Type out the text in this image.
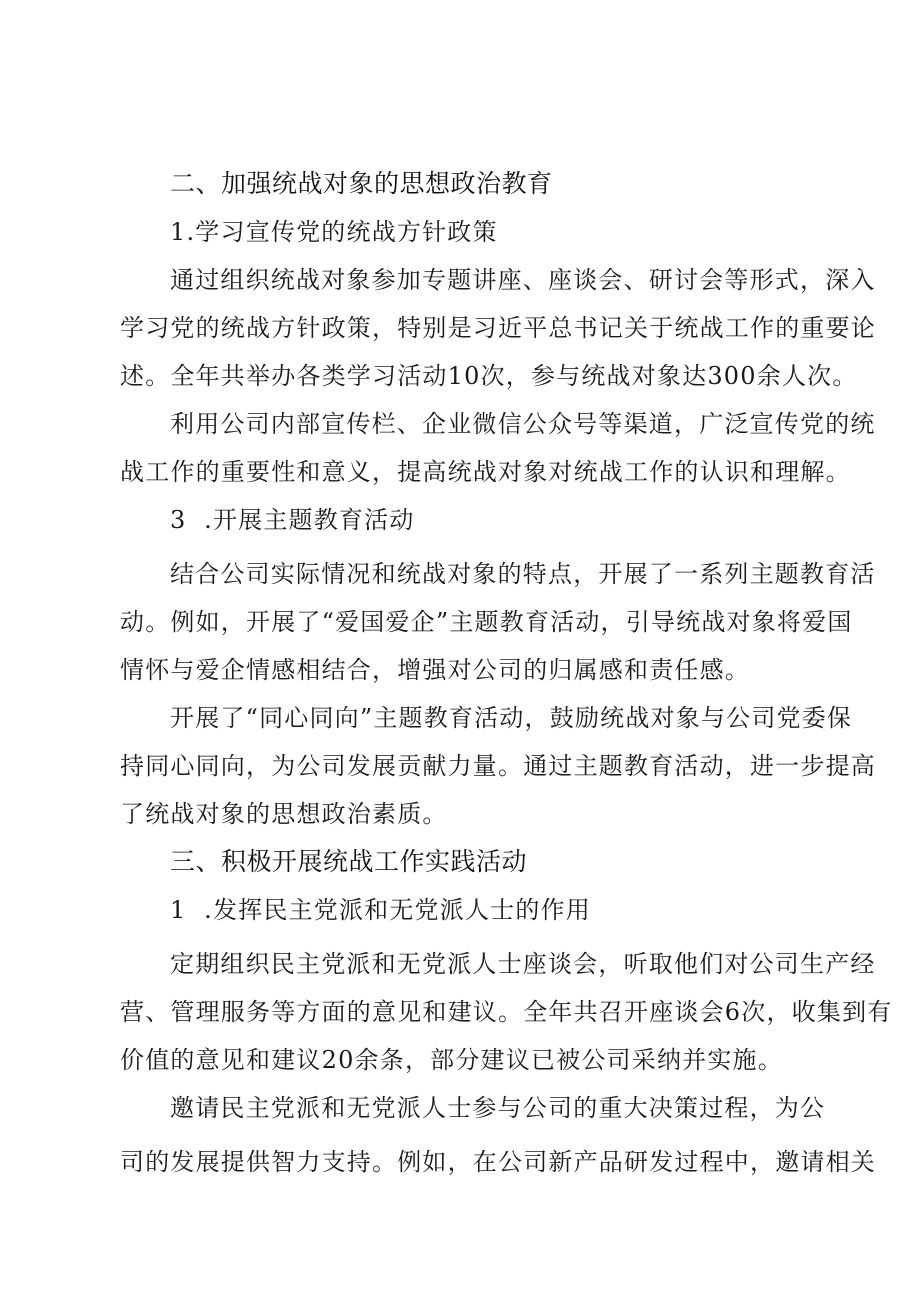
二、加强统战对象的思想政治教育
1.学习宣传党的统战方针政策
通过组织统战对象参加专题讲座、座谈会、研讨会等形式，深入
学习党的统战方针政策，特别是习近平总书记关于统战工作的重要论
述。全年共举办各类学习活动10次，参与统战对象达300余人次。
利用公司内部宣传栏、企业微信公众号等渠道，广泛宣传党的统
战工作的重要性和意义，提高统战对象对统战工作的认识和理解。
3  .开展主题教育活动
结合公司实际情况和统战对象的特点，开展了一系列主题教育活
动。例如，开展了“爱国爱企”主题教育活动，引导统战对象将爱国
情怀与爱企情感相结合，增强对公司的归属感和责任感。
开展了“同心同向”主题教育活动，鼓励统战对象与公司党委保
持同心同向，为公司发展贡献力量。通过主题教育活动，进一步提高
了统战对象的思想政治素质。
三、积极开展统战工作实践活动
1  .发挥民主党派和无党派人士的作用
定期组织民主党派和无党派人士座谈会，听取他们对公司生产经
营、管理服务等方面的意见和建议。全年共召开座谈会6次，收集到有
价值的意见和建议20余条，部分建议已被公司采纳并实施。
邀请民主党派和无党派人士参与公司的重大决策过程，为公
司的发展提供智力支持。例如，在公司新产品研发过程中，邀请相关
